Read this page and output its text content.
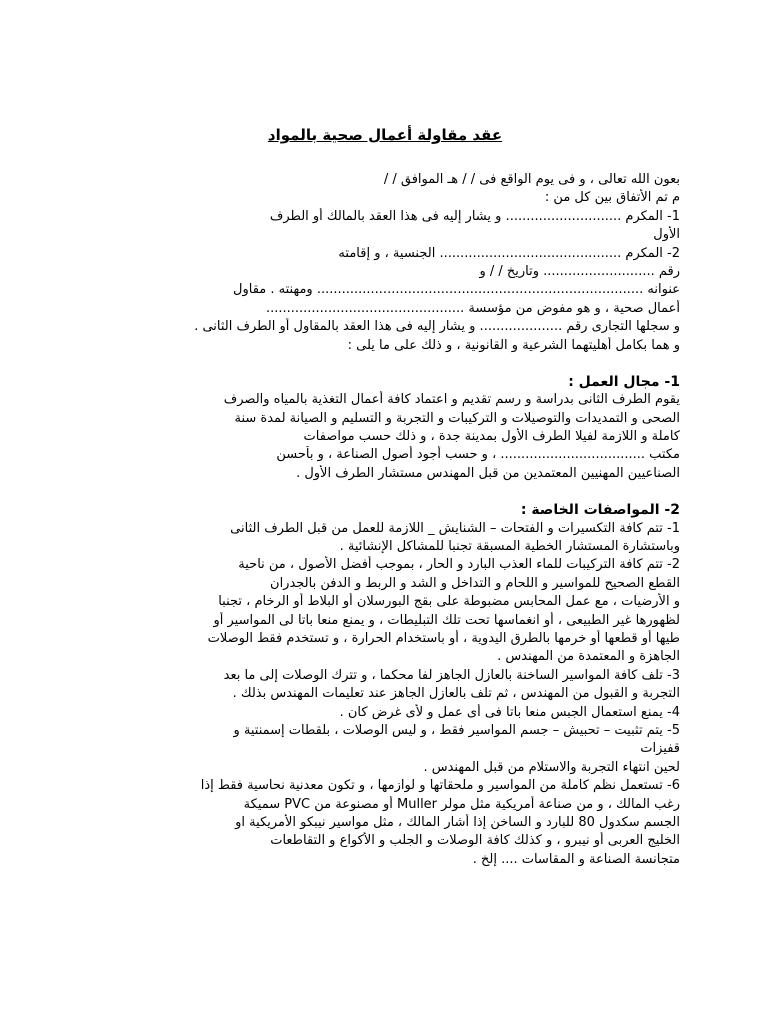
عقد مقاولة أعمال صحية بالمواد
بعون الله تعالى ، و فى يوم الواقع فى / / هـ الموافق / /
م تم الأتفاق بين كل من :
1- المكرم ............................ و يشار إليه فى هذا العقد بالمالك أو الطرف
الأول
2- المكرم ............................................ الجنسية ، و إقامته
رقم ........................... وتاريخ / / و
عنوانه ............................................................................... ومهنته . مقاول
أعمال صحية ، و هو مفوض من مؤسسة ................................................
و سجلها التجارى رقم .................... و يشار إليه فى هذا العقد بالمقاول أو الطرف الثانى .
و هما بكامل أهليتهما الشرعية و القانونية ، و ذلك على ما يلى :
1- مجال العمل :
يقوم الطرف الثانى بدراسة و رسم تقديم و اعتماد كافة أعمال التغذية بالمياه والصرف
الصحى و التمديدات والتوصيلات و التركيبات و التجربة و التسليم و الصيانة لمدة سنة
كاملة و اللازمة لفيلا الطرف الأول بمدينة جدة ، و ذلك حسب مواصفات
مكتب ................................... ، و حسب أجود أصول الصناعة ، و بأحسن
الصناعيين المهنيين المعتمدين من قبل المهندس مستشار الطرف الأول .
2- المواصفات الخاصة :
1- تتم كافة التكسيرات و الفتحات – الشنايش _ اللازمة للعمل من قبل الطرف الثانى
وباستشارة المستشار الخطية المسبقة تجنبا للمشاكل الإنشائية .
2- تتم كافة التركيبات للماء العذب البارد و الحار ، بموجب أفضل الأصول ، من ناحية
القطع الصحيح للمواسير و اللحام و التداخل و الشد و الربط و الدفن بالجدران
و الأرضيات ، مع عمل المحابس مضبوطة على بقج البورسلان أو البلاط أو الرخام ، تجنبا
لظهورها غير الطبيعى ، أو انغماسها تحت تلك التبليطات ، و يمنع منعا باتا لى المواسير أو
طيها أو قطعها أو خرمها بالطرق اليدوية ، أو باستخدام الحرارة ، و تستخدم فقط الوصلات
الجاهزة و المعتمدة من المهندس .
3- تلف كافة المواسير الساخنة بالعازل الجاهز لفا محكما ، و تترك الوصلات إلى ما بعد
التجربة و القبول من المهندس ، ثم تلف بالعازل الجاهز عند تعليمات المهندس بذلك .
4- يمنع استعمال الجبس منعا باتا فى أى عمل و لأى غرض كان .
5- يتم تثبيت – تحبيش – جسم المواسير فقط ، و ليس الوصلات ، بلقطات إسمنتية و
قفيزات
لحين انتهاء التجربة والاستلام من قبل المهندس .
6- تستعمل نظم كاملة من المواسير و ملحقاتها و لوازمها ، و تكون معدنية نحاسية فقط إذا
رغب المالك ، و من صناعة أمريكية مثل مولر Muller أو مصنوعة من PVC سميكة
الجسم سكدول 80 للبارد و الساخن إذا أشار المالك ، مثل مواسير نيبكو الأمريكية او
الخليج العربى أو نيبرو ، و كذلك كافة الوصلات و الجلب و الأكواع و التقاطعات
متجانسة الصناعة و المقاسات .... إلخ .
